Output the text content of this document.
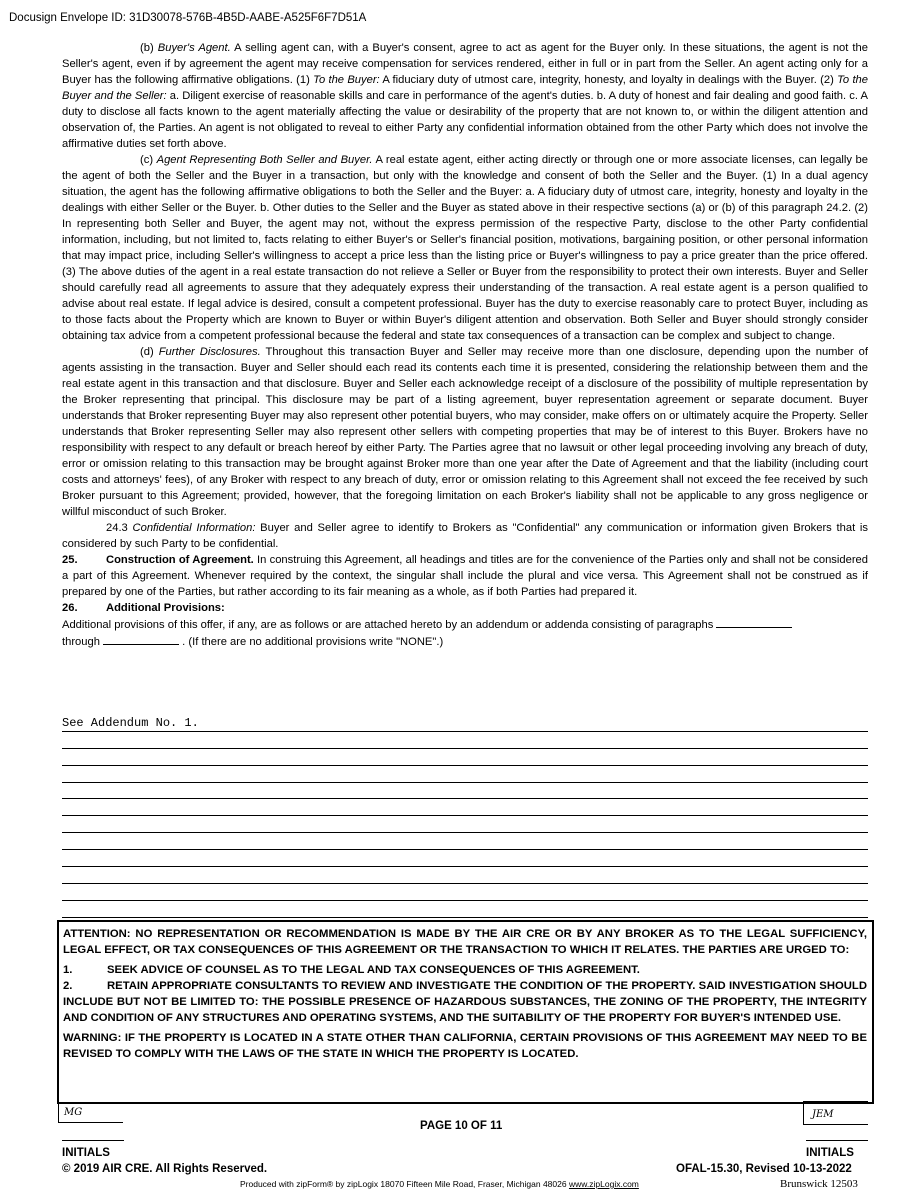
Docusign Envelope ID: 31D30078-576B-4B5D-AABE-A525F6F7D51A

(b) Buyer's Agent. A selling agent can, with a Buyer's consent, agree to act as agent for the Buyer only. In these situations, the agent is not the Seller's agent, even if by agreement the agent may receive compensation for services rendered, either in full or in part from the Seller. An agent acting only for a Buyer has the following affirmative obligations. (1) To the Buyer: A fiduciary duty of utmost care, integrity, honesty, and loyalty in dealings with the Buyer. (2) To the Buyer and the Seller: a. Diligent exercise of reasonable skills and care in performance of the agent's duties. b. A duty of honest and fair dealing and good faith. c. A duty to disclose all facts known to the agent materially affecting the value or desirability of the property that are not known to, or within the diligent attention and observation of, the Parties. An agent is not obligated to reveal to either Party any confidential information obtained from the other Party which does not involve the affirmative duties set forth above.

(c) Agent Representing Both Seller and Buyer. A real estate agent, either acting directly or through one or more associate licenses, can legally be the agent of both the Seller and the Buyer in a transaction, but only with the knowledge and consent of both the Seller and the Buyer. (1) In a dual agency situation, the agent has the following affirmative obligations to both the Seller and the Buyer: a. A fiduciary duty of utmost care, integrity, honesty and loyalty in the dealings with either Seller or the Buyer. b. Other duties to the Seller and the Buyer as stated above in their respective sections (a) or (b) of this paragraph 24.2. (2) In representing both Seller and Buyer, the agent may not, without the express permission of the respective Party, disclose to the other Party confidential information, including, but not limited to, facts relating to either Buyer's or Seller's financial position, motivations, bargaining position, or other personal information that may impact price, including Seller's willingness to accept a price less than the listing price or Buyer's willingness to pay a price greater than the price offered. (3) The above duties of the agent in a real estate transaction do not relieve a Seller or Buyer from the responsibility to protect their own interests. Buyer and Seller should carefully read all agreements to assure that they adequately express their understanding of the transaction. A real estate agent is a person qualified to advise about real estate. If legal advice is desired, consult a competent professional. Buyer has the duty to exercise reasonably care to protect Buyer, including as to those facts about the Property which are known to Buyer or within Buyer's diligent attention and observation. Both Seller and Buyer should strongly consider obtaining tax advice from a competent professional because the federal and state tax consequences of a transaction can be complex and subject to change.

(d) Further Disclosures. Throughout this transaction Buyer and Seller may receive more than one disclosure, depending upon the number of agents assisting in the transaction. Buyer and Seller should each read its contents each time it is presented, considering the relationship between them and the real estate agent in this transaction and that disclosure. Buyer and Seller each acknowledge receipt of a disclosure of the possibility of multiple representation by the Broker representing that principal. This disclosure may be part of a listing agreement, buyer representation agreement or separate document. Buyer understands that Broker representing Buyer may also represent other potential buyers, who may consider, make offers on or ultimately acquire the Property. Seller understands that Broker representing Seller may also represent other sellers with competing properties that may be of interest to this Buyer. Brokers have no responsibility with respect to any default or breach hereof by either Party. The Parties agree that no lawsuit or other legal proceeding involving any breach of duty, error or omission relating to this transaction may be brought against Broker more than one year after the Date of Agreement and that the liability (including court costs and attorneys' fees), of any Broker with respect to any breach of duty, error or omission relating to this Agreement shall not exceed the fee received by such Broker pursuant to this Agreement; provided, however, that the foregoing limitation on each Broker's liability shall not be applicable to any gross negligence or willful misconduct of such Broker.

24.3 Confidential Information: Buyer and Seller agree to identify to Brokers as "Confidential" any communication or information given Brokers that is considered by such Party to be confidential.

25.	Construction of Agreement. In construing this Agreement, all headings and titles are for the convenience of the Parties only and shall not be considered a part of this Agreement. Whenever required by the context, the singular shall include the plural and vice versa. This Agreement shall not be construed as if prepared by one of the Parties, but rather according to its fair meaning as a whole, as if both Parties had prepared it.

26.	Additional Provisions:

Additional provisions of this offer, if any, are as follows or are attached hereto by an addendum or addenda consisting of paragraphs
through	. (If there are no additional provisions write "NONE".)

See Addendum No. 1.

ATTENTION: NO REPRESENTATION OR RECOMMENDATION IS MADE BY THE AIR CRE OR BY ANY BROKER AS TO THE LEGAL SUFFICIENCY, LEGAL EFFECT, OR TAX CONSEQUENCES OF THIS AGREEMENT OR THE TRANSACTION TO WHICH IT RELATES. THE PARTIES ARE URGED TO:

1.	SEEK ADVICE OF COUNSEL AS TO THE LEGAL AND TAX CONSEQUENCES OF THIS AGREEMENT.

2.	RETAIN APPROPRIATE CONSULTANTS TO REVIEW AND INVESTIGATE THE CONDITION OF THE PROPERTY. SAID INVESTIGATION SHOULD INCLUDE BUT NOT BE LIMITED TO: THE POSSIBLE PRESENCE OF HAZARDOUS SUBSTANCES, THE ZONING OF THE PROPERTY, THE INTEGRITY AND CONDITION OF ANY STRUCTURES AND OPERATING SYSTEMS, AND THE SUITABILITY OF THE PROPERTY FOR BUYER'S INTENDED USE.

WARNING: IF THE PROPERTY IS LOCATED IN A STATE OTHER THAN CALIFORNIA, CERTAIN PROVISIONS OF THIS AGREEMENT MAY NEED TO BE REVISED TO COMPLY WITH THE LAWS OF THE STATE IN WHICH THE PROPERTY IS LOCATED.

MG	JEM
PAGE 10 OF 11
INITIALS	INITIALS
© 2019 AIR CRE. All Rights Reserved.	OFAL-15.30, Revised 10-13-2022
Produced with zipForm® by zipLogix 18070 Fifteen Mile Road, Fraser, Michigan 48026 www.zipLogix.com	Brunswick 12503
